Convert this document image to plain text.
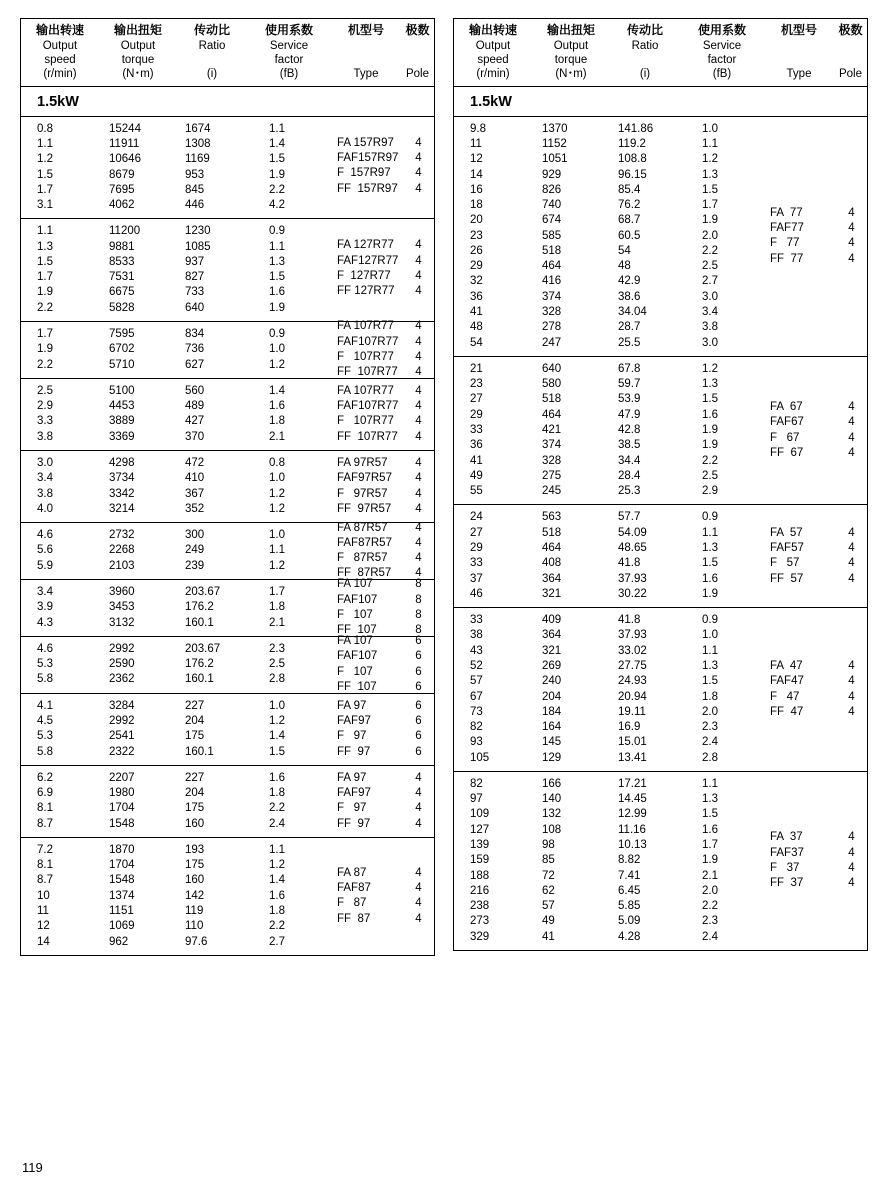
输出转速	输出扭矩	传动比	使用系数	机型号	极数
Output	Output	Ratio	Service
speed	torque	factor
(r/min)	(N･m)	(i)	(fB)	Type	Pole
1.5kW
0.8	15244	1674	1.1
1.1	11911	1308	1.4
1.2	10646	1169	1.5
1.5	8679	953	1.9
1.7	7695	845	2.2
3.1	4062	446	4.2
FA 157R97	4
FAF157R97	4
F  157R97	4
FF  157R97	4
1.1	11200	1230	0.9
1.3	9881	1085	1.1
1.5	8533	937	1.3
1.7	7531	827	1.5
1.9	6675	733	1.6
2.2	5828	640	1.9
FA 127R77	4
FAF127R77	4
F  127R77	4
FF 127R77	4
1.7	7595	834	0.9
1.9	6702	736	1.0
2.2	5710	627	1.2
FA 107R77	4
FAF107R77	4
F   107R77	4
FF  107R77	4
2.5	5100	560	1.4
2.9	4453	489	1.6
3.3	3889	427	1.8
3.8	3369	370	2.1
FA 107R77	4
FAF107R77	4
F   107R77	4
FF  107R77	4
3.0	4298	472	0.8
3.4	3734	410	1.0
3.8	3342	367	1.2
4.0	3214	352	1.2
FA 97R57	4
FAF97R57	4
F   97R57	4
FF  97R57	4
4.6	2732	300	1.0
5.6	2268	249	1.1
5.9	2103	239	1.2
FA 87R57	4
FAF87R57	4
F   87R57	4
FF  87R57	4
3.4	3960	203.67	1.7
3.9	3453	176.2	1.8
4.3	3132	160.1	2.1
FA 107	8
FAF107	8
F   107	8
FF  107	8
4.6	2992	203.67	2.3
5.3	2590	176.2	2.5
5.8	2362	160.1	2.8
FA 107	6
FAF107	6
F   107	6
FF  107	6
4.1	3284	227	1.0
4.5	2992	204	1.2
5.3	2541	175	1.4
5.8	2322	160.1	1.5
FA 97	6
FAF97	6
F   97	6
FF  97	6
6.2	2207	227	1.6
6.9	1980	204	1.8
8.1	1704	175	2.2
8.7	1548	160	2.4
FA 97	4
FAF97	4
F   97	4
FF  97	4
7.2	1870	193	1.1
8.1	1704	175	1.2
8.7	1548	160	1.4
10	1374	142	1.6
11	1151	119	1.8
12	1069	110	2.2
14	962	97.6	2.7
FA 87	4
FAF87	4
F   87	4
FF  87	4
输出转速	输出扭矩	传动比	使用系数	机型号	极数
Output	Output	Ratio	Service
speed	torque	factor
(r/min)	(N･m)	(i)	(fB)	Type	Pole
1.5kW
9.8	1370	141.86	1.0
11	1152	119.2	1.1
12	1051	108.8	1.2
14	929	96.15	1.3
16	826	85.4	1.5
18	740	76.2	1.7
20	674	68.7	1.9
23	585	60.5	2.0
26	518	54	2.2
29	464	48	2.5
32	416	42.9	2.7
36	374	38.6	3.0
41	328	34.04	3.4
48	278	28.7	3.8
54	247	25.5	3.0
FA  77	4
FAF77	4
F   77	4
FF  77	4
21	640	67.8	1.2
23	580	59.7	1.3
27	518	53.9	1.5
29	464	47.9	1.6
33	421	42.8	1.9
36	374	38.5	1.9
41	328	34.4	2.2
49	275	28.4	2.5
55	245	25.3	2.9
FA  67	4
FAF67	4
F   67	4
FF  67	4
24	563	57.7	0.9
27	518	54.09	1.1
29	464	48.65	1.3
33	408	41.8	1.5
37	364	37.93	1.6
46	321	30.22	1.9
FA  57	4
FAF57	4
F   57	4
FF  57	4
33	409	41.8	0.9
38	364	37.93	1.0
43	321	33.02	1.1
52	269	27.75	1.3
57	240	24.93	1.5
67	204	20.94	1.8
73	184	19.11	2.0
82	164	16.9	2.3
93	145	15.01	2.4
105	129	13.41	2.8
FA  47	4
FAF47	4
F   47	4
FF  47	4
82	166	17.21	1.1
97	140	14.45	1.3
109	132	12.99	1.5
127	108	11.16	1.6
139	98	10.13	1.7
159	85	8.82	1.9
188	72	7.41	2.1
216	62	6.45	2.0
238	57	5.85	2.2
273	49	5.09	2.3
329	41	4.28	2.4
FA  37	4
FAF37	4
F   37	4
FF  37	4
119
